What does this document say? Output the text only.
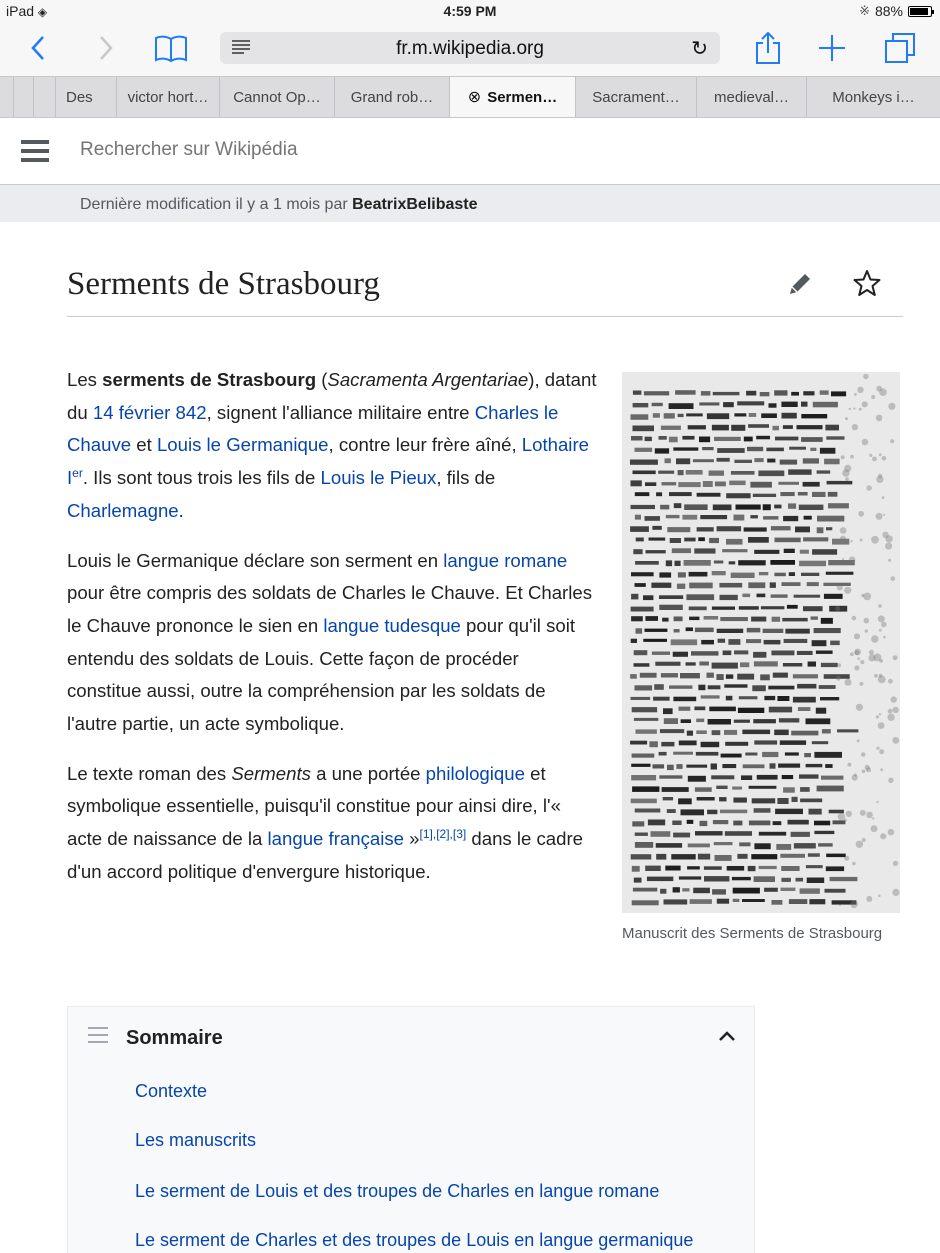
iPad ◈	4:59 PM	※ 88%
fr.m.wikipedia.org	↻
Des victor hort… Cannot Op… Grand rob… ⊗ Sermen… Sacrament… medieval…	Monkeys i…
Rechercher sur Wikipédia
Dernière modification il y a 1 mois par BeatrixBelibaste
Serments de Strasbourg

Les serments de Strasbourg (Sacramenta Argentariae), datant du 14 février 842, signent l'alliance militaire entre Charles le Chauve et Louis le Germanique, contre leur frère aîné, Lothaire Ier. Ils sont tous trois les fils de Louis le Pieux, fils de Charlemagne.

Louis le Germanique déclare son serment en langue romane pour être compris des soldats de Charles le Chauve. Et Charles le Chauve prononce le sien en langue tudesque pour qu'il soit entendu des soldats de Louis. Cette façon de procéder constitue aussi, outre la compréhension par les soldats de l'autre partie, un acte symbolique.

Le texte roman des Serments a une portée philologique et symbolique essentielle, puisqu'il constitue pour ainsi dire, l'« acte de naissance de la langue française »[1],[2],[3] dans le cadre d'un accord politique d'envergure historique.

Manuscrit des Serments de Strasbourg
Sommaire
Contexte
Les manuscrits
Le serment de Louis et des troupes de Charles en langue romane
Le serment de Charles et des troupes de Louis en langue germanique
